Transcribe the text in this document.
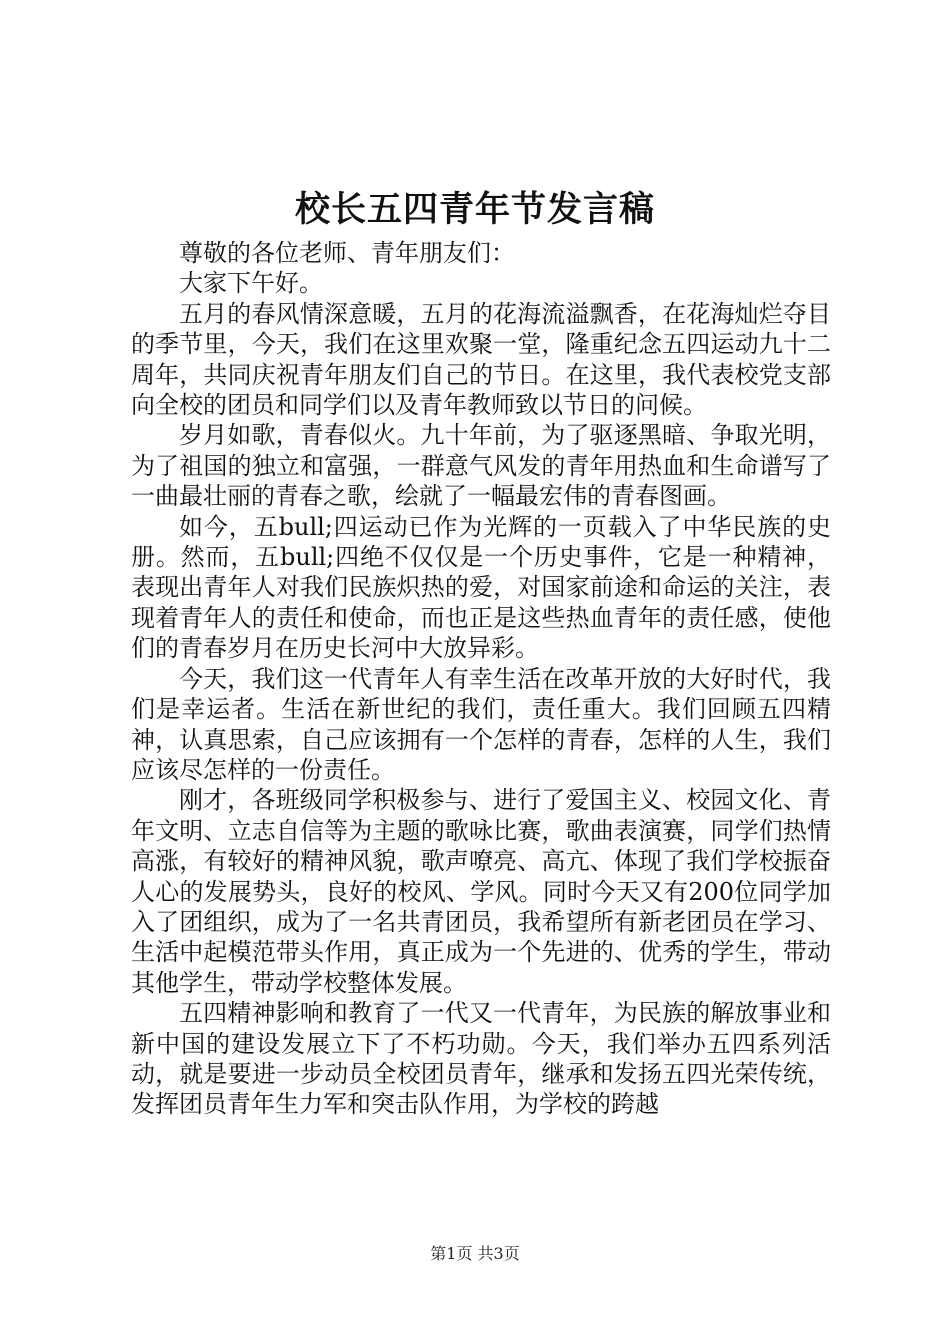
校长五四青年节发言稿

尊敬的各位老师、青年朋友们：

大家下午好。

五月的春风情深意暖，五月的花海流溢飘香，在花海灿烂夺目的季节里，今天，我们在这里欢聚一堂，隆重纪念五四运动九十二周年，共同庆祝青年朋友们自己的节日。在这里，我代表校党支部向全校的团员和同学们以及青年教师致以节日的问候。

岁月如歌，青春似火。九十年前，为了驱逐黑暗、争取光明，为了祖国的独立和富强，一群意气风发的青年用热血和生命谱写了一曲最壮丽的青春之歌，绘就了一幅最宏伟的青春图画。

如今，五bull;四运动已作为光辉的一页载入了中华民族的史册。然而，五bull;四绝不仅仅是一个历史事件，它是一种精神，表现出青年人对我们民族炽热的爱，对国家前途和命运的关注，表现着青年人的责任和使命，而也正是这些热血青年的责任感，使他们的青春岁月在历史长河中大放异彩。

今天，我们这一代青年人有幸生活在改革开放的大好时代，我们是幸运者。生活在新世纪的我们，责任重大。我们回顾五四精神，认真思索，自己应该拥有一个怎样的青春，怎样的人生，我们应该尽怎样的一份责任。

刚才，各班级同学积极参与、进行了爱国主义、校园文化、青年文明、立志自信等为主题的歌咏比赛，歌曲表演赛，同学们热情高涨，有较好的精神风貌，歌声嘹亮、高亢、体现了我们学校振奋人心的发展势头，良好的校风、学风。同时今天又有200位同学加入了团组织，成为了一名共青团员，我希望所有新老团员在学习、生活中起模范带头作用，真正成为一个先进的、优秀的学生，带动其他学生，带动学校整体发展。

五四精神影响和教育了一代又一代青年，为民族的解放事业和新中国的建设发展立下了不朽功勋。今天，我们举办五四系列活动，就是要进一步动员全校团员青年，继承和发扬五四光荣传统，发挥团员青年生力军和突击队作用，为学校的跨越

第1页 共3页
